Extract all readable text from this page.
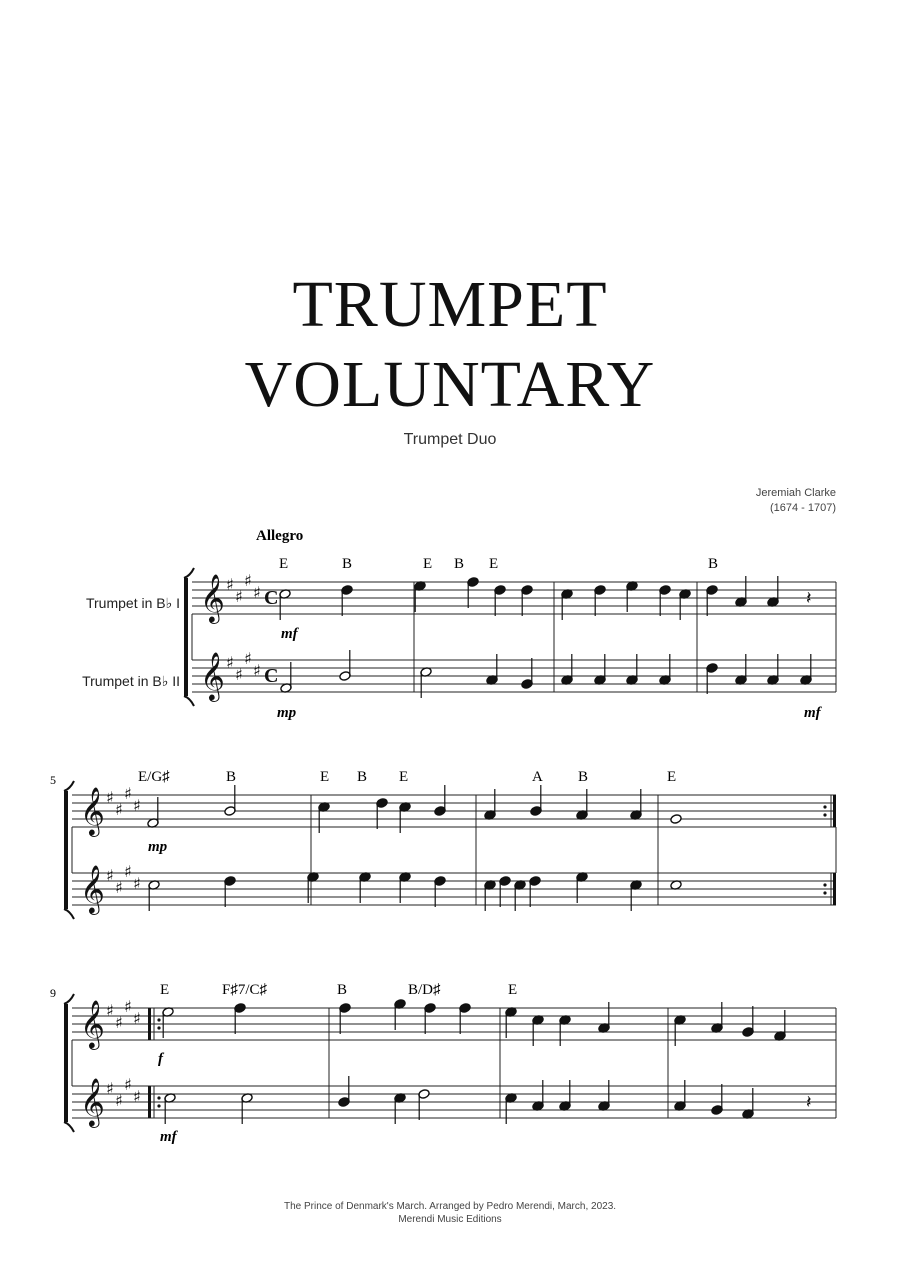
TRUMPET
VOLUNTARY
Trumpet Duo
Jeremiah Clarke
(1674 - 1707)
Allegro
Trumpet in B♭ I
Trumpet in B♭ II
5
9
E	B	E B E	B
E/G♯	B	E B E	A B	E
E	F♯7/C♯	B	B/D♯	E
mf
mp	mf
mp
f
mf
𝄞 ♯
♯
♯
♯ C
𝄞 ♯
♯
♯
♯ C
𝄞 ♯
♯
♯
♯
𝄞 ♯
♯
♯
♯
𝄞 ♯
♯
♯
♯
𝄞 ♯
♯
♯
♯
𝄽
𝄽
The Prince of Denmark's March. Arranged by Pedro Merendi, March, 2023.
Merendi Music Editions
